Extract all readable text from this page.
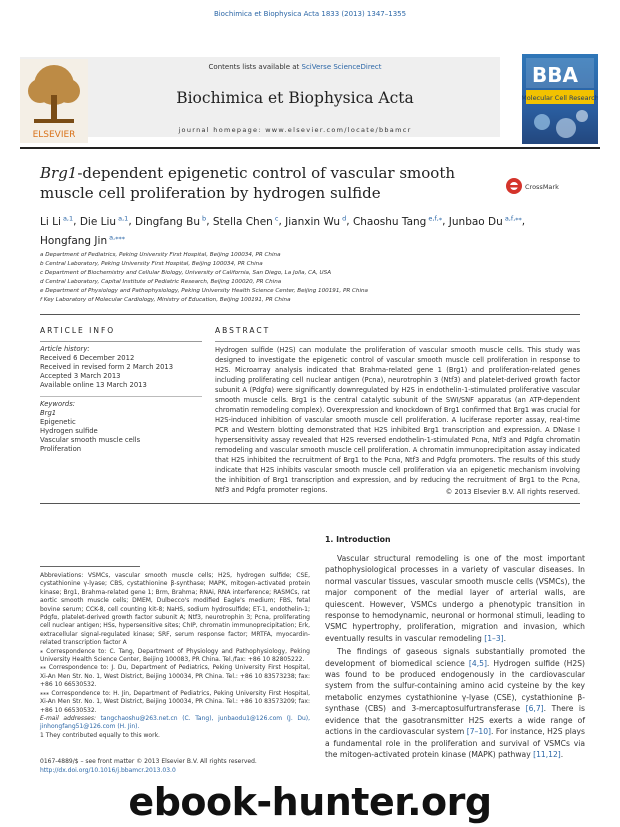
Biochimica et Biophysica Acta 1833 (2013) 1347–1355
ELSEVIER
Contents lists available at SciVerse ScienceDirect
Biochimica et Biophysica Acta
journal homepage: www.elsevier.com/locate/bbamcr
BBA
Molecular Cell Research
Brg1-dependent epigenetic control of vascular smooth muscle cell proliferation by hydrogen sulfide	CrossMark
Li Li $^{a,1}$, Die Liu $^{a,1}$, Dingfang Bu $^b$, Stella Chen $^c$, Jianxin Wu $^d$, Chaoshu Tang $^{e,f,⁎}$, Junbao Du $^{a,f,⁎⁎}$, Hongfang Jin $^{a,⁎⁎⁎}$
a Department of Pediatrics, Peking University First Hospital, Beijing 100034, PR China
b Central Laboratory, Peking University First Hospital, Beijing 100034, PR China
c Department of Biochemistry and Cellular Biology, University of California, San Diego, La Jolla, CA, USA
d Central Laboratory, Capital Institute of Pediatric Research, Beijing 100020, PR China
e Department of Physiology and Pathophysiology, Peking University Health Science Center, Beijing 100191, PR China
f Key Laboratory of Molecular Cardiology, Ministry of Education, Beijing 100191, PR China
ARTICLE INFO	ABSTRACT
Article history:
Received 6 December 2012
Received in revised form 2 March 2013
Accepted 3 March 2013
Available online 13 March 2013
Keywords:
Brg1
Epigenetic
Hydrogen sulfide
Vascular smooth muscle cells
Proliferation
Hydrogen sulfide (H2S) can modulate the proliferation of vascular smooth muscle cells. This study was designed to investigate the epigenetic control of vascular smooth muscle cell proliferation in response to H2S. Microarray analysis indicated that Brahma-related gene 1 (Brg1) and proliferation-related genes including proliferating cell nuclear antigen (Pcna), neurotrophin 3 (Ntf3) and platelet-derived growth factor subunit A (Pdgfα) were significantly downregulated by H2S in endothelin-1-stimulated proliferative vascular smooth muscle cells. Brg1 is the central catalytic subunit of the SWI/SNF apparatus (an ATP-dependent chromatin remodeling complex). Overexpression and knockdown of Brg1 confirmed that Brg1 was crucial for H2S-induced inhibition of vascular smooth muscle cell proliferation. A luciferase reporter assay, real-time PCR and Western blotting demonstrated that H2S inhibited Brg1 transcription and expression. A DNase I hypersensitivity assay revealed that H2S reversed endothelin-1-stimulated Pcna, Ntf3 and Pdgfα chromatin remodeling and vascular smooth muscle cell proliferation. A chromatin immunoprecipitation assay indicated that H2S inhibited the recruitment of Brg1 to the Pcna, Ntf3 and Pdgfα promoters. The results of this study indicate that H2S inhibits vascular smooth muscle cell proliferation via an epigenetic mechanism involving the inhibition of Brg1 transcription and expression, and by reducing the recruitment of Brg1 to the Pcna, Ntf3 and Pdgfα promoter regions.	© 2013 Elsevier B.V. All rights reserved.
1. Introduction

Vascular structural remodeling is one of the most important pathophysiological processes in a variety of vascular diseases. In normal vascular tissues, vascular smooth muscle cells (VSMCs), the major component of the medial layer of arterial walls, are quiescent. However, VSMCs undergo a phenotypic transition in response to hemodynamic, neuronal or hormonal stimuli, leading to VSMC hypertrophy, proliferation, migration and invasion, which eventually results in vascular remodeling [1–3].

The findings of gaseous signals substantially promoted the development of biomedical science [4,5]. Hydrogen sulfide (H2S) was found to be produced endogenously in the cardiovascular system from the sulfur-containing amino acid cysteine by the key metabolic enzymes cystathionine γ-lyase (CSE), cystathionine β-synthase (CBS) and 3-mercaptosulfurtransferase [6,7]. There is evidence that the gasotransmitter H2S exerts a wide range of actions in the cardiovascular system [7–10]. For instance, H2S plays a fundamental role in the proliferation and survival of VSMCs via the mitogen-activated protein kinase (MAPK) pathway [11,12].

Abbreviations: VSMCs, vascular smooth muscle cells; H2S, hydrogen sulfide; CSE, cystathionine γ-lyase; CBS, cystathionine β-synthase; MAPK, mitogen-activated protein kinase; Brg1, Brahma-related gene 1; Brm, Brahma; RNAi, RNA interference; RASMCs, rat aortic smooth muscle cells; DMEM, Dulbecco's modified Eagle's medium; FBS, fetal bovine serum; CCK-8, cell counting kit-8; NaHS, sodium hydrosulfide; ET-1, endothelin-1; Pdgfα, platelet-derived growth factor subunit A; Ntf3, neurotrophin 3; Pcna, proliferating cell nuclear antigen; HSs, hypersensitive sites; ChIP, chromatin immunoprecipitation; Erk, extracellular signal-regulated kinase; SRF, serum response factor; MRTFA, myocardin-related transcription factor A

⁎ Correspondence to: C. Tang, Department of Physiology and Pathophysiology, Peking University Health Science Center, Beijing 100083, PR China. Tel./fax: +86 10 82805222.

⁎⁎ Correspondence to: J. Du, Department of Pediatrics, Peking University First Hospital, Xi-An Men Str. No. 1, West District, Beijing 100034, PR China. Tel.: +86 10 83573238; fax: +86 10 66530532.

⁎⁎⁎ Correspondence to: H. Jin, Department of Pediatrics, Peking University First Hospital, Xi-An Men Str. No. 1, West District, Beijing 100034, PR China. Tel.: +86 10 83573209; fax: +86 10 66530532.

E-mail addresses: tangchaoshu@263.net.cn (C. Tang), junbaodu1@126.com (J. Du), jinhongfang51@126.com (H. Jin).

1 They contributed equally to this work.

0167-4889/$ – see front matter © 2013 Elsevier B.V. All rights reserved.
http://dx.doi.org/10.1016/j.bbamcr.2013.03.0
ebook-hunter.org
